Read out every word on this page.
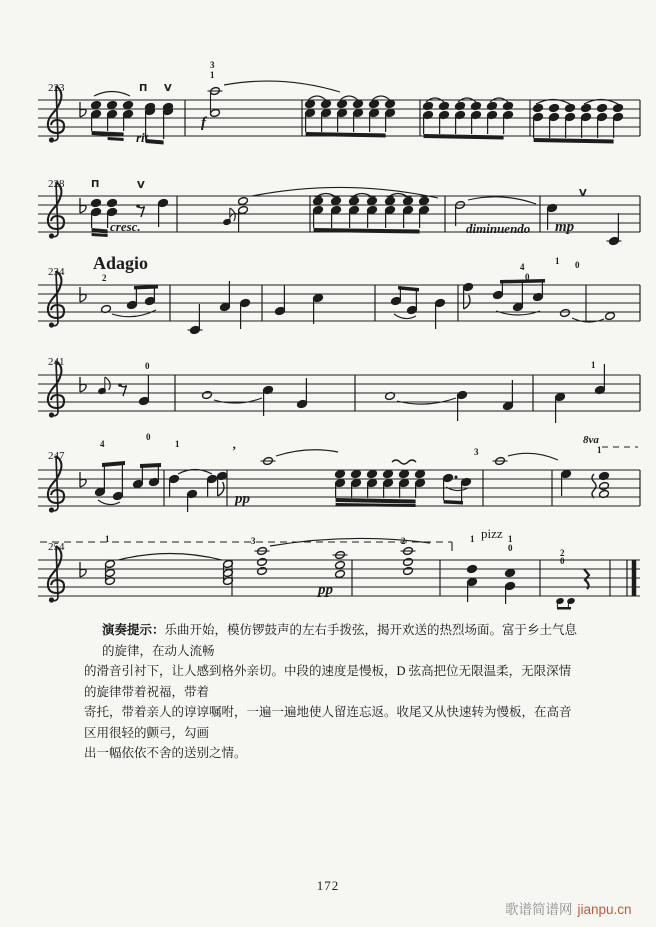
223	Π V
rit.
3
1
f
228	Π	V
cresc.	diminuendo mp
V
234 Adagio
2
4
0
1 0
241	0	1
247
4
0
1	’	3
pp
8va
1
254
1	3	2
pp
pizz
1	1
0	2
0
演奏提示：乐曲开始，模仿锣鼓声的左右手拨弦，揭开欢送的热烈场面。富于乡土气息的旋律，在动人流畅
的滑音引衬下，让人感到格外亲切。中段的速度是慢板，D 弦高把位无限温柔，无限深情的旋律带着祝福，带着
寄托，带着亲人的谆谆嘱咐，一遍一遍地使人留连忘返。收尾又从快速转为慢板，在高音区用很轻的颤弓，勾画
出一幅依依不舍的送别之情。
172
歌谱简谱网 jianpu.cn
